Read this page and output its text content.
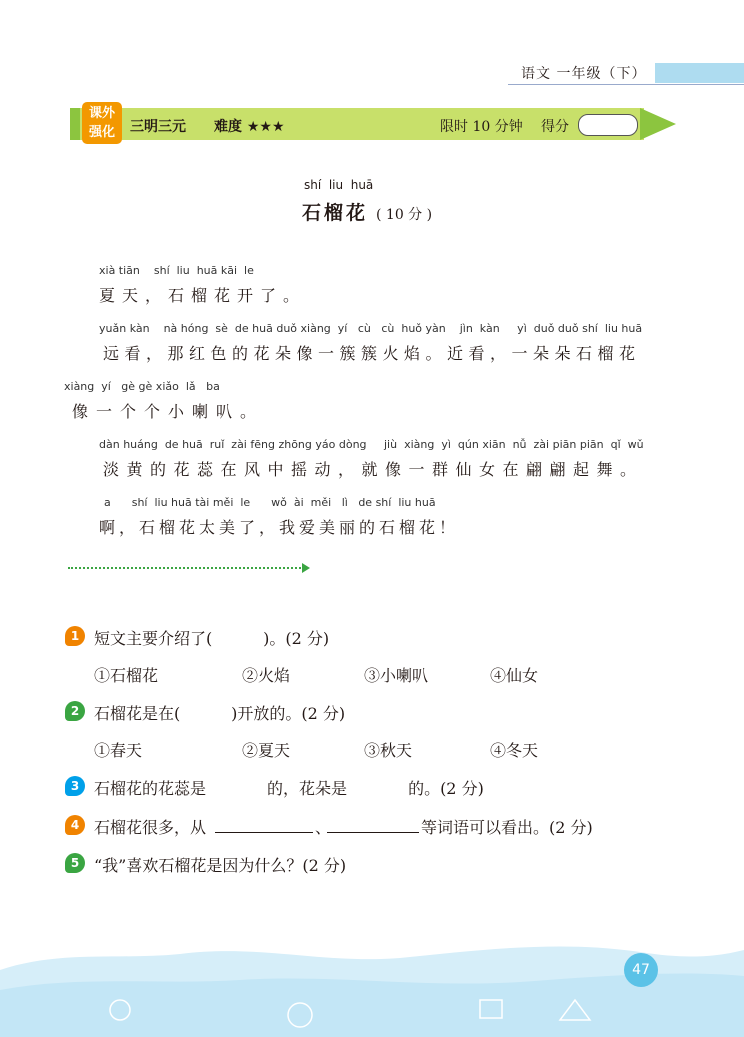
语文 一年级（下）
课外
强化	三明三元 难度 ★★★	限时 10 分钟 得分
shí  liu  huā
石榴花 ( 10 分 )
xià tiān    shí  liu  huā kāi  le
夏天，石榴花开了。
yuǎn kàn    nà hóng  sè  de huā duǒ xiàng  yí   cù   cù  huǒ yàn    jìn  kàn     yì  duǒ duǒ shí  liu huā
远看，那红色的花朵像一簇簇火焰。近看，一朵朵石榴花
xiàng  yí   gè gè xiǎo  lǎ   ba
像一个个小喇叭。
dàn huáng  de huā  ruǐ  zài fēng zhōng yáo dòng     jiù  xiàng  yì  qún xiān  nǚ  zài piān piān  qǐ  wǔ
淡黄的花蕊在风中摇动，就像一群仙女在翩翩起舞。
a      shí  liu huā tài měi  le      wǒ  ài  měi   lì   de shí  liu huā
啊，石榴花太美了，我爱美丽的石榴花！
1 短文主要介绍了(          )。(2 分)
①石榴花	②火焰	③小喇叭	④仙女
2 石榴花是在(          )开放的。(2 分)
①春天	②夏天	③秋天	④冬天
3 石榴花的花蕊是            的，花朵是            的。(2 分)
4 石榴花很多，从	、	等词语可以看出。(2 分)
5 “我”喜欢石榴花是因为什么？(2 分)
47
